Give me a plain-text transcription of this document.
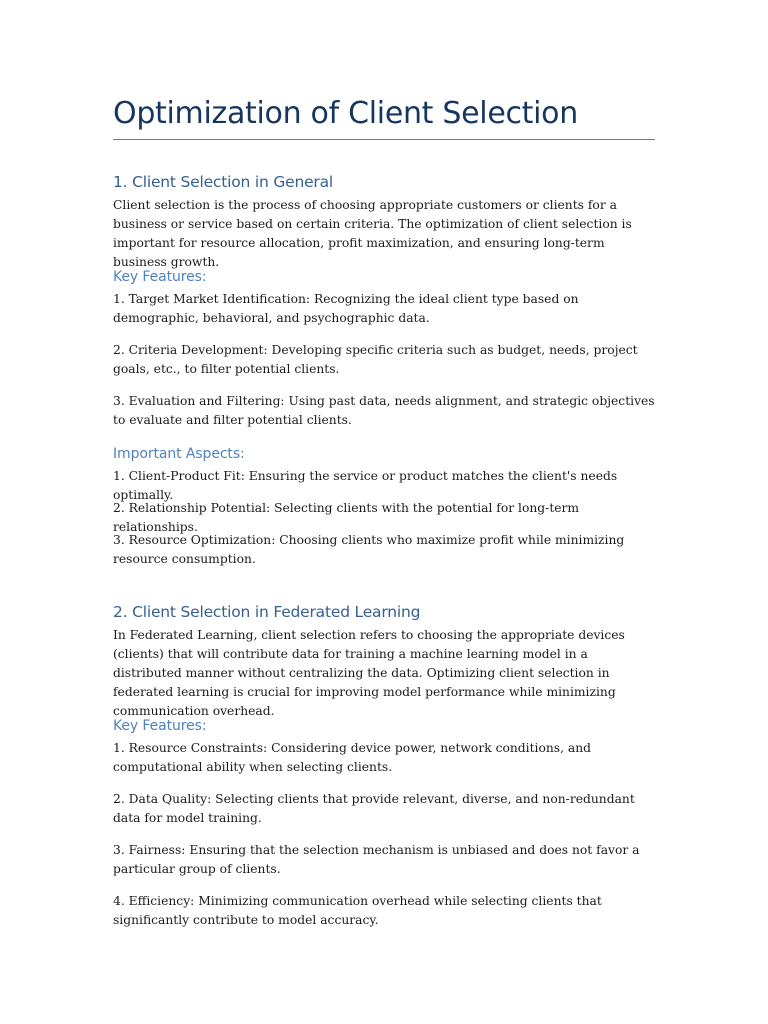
Optimization of Client Selection
1. Client Selection in General

Client selection is the process of choosing appropriate customers or clients for a business or service based on certain criteria. The optimization of client selection is important for resource allocation, profit maximization, and ensuring long-term business growth.

Key Features:

1. Target Market Identification: Recognizing the ideal client type based on demographic, behavioral, and psychographic data.

2. Criteria Development: Developing specific criteria such as budget, needs, project goals, etc., to filter potential clients.

3. Evaluation and Filtering: Using past data, needs alignment, and strategic objectives to evaluate and filter potential clients.

Important Aspects:

1. Client-Product Fit: Ensuring the service or product matches the client's needs optimally.

2. Relationship Potential: Selecting clients with the potential for long-term relationships.

3. Resource Optimization: Choosing clients who maximize profit while minimizing resource consumption.

2. Client Selection in Federated Learning

In Federated Learning, client selection refers to choosing the appropriate devices (clients) that will contribute data for training a machine learning model in a distributed manner without centralizing the data. Optimizing client selection in federated learning is crucial for improving model performance while minimizing communication overhead.

Key Features:

1. Resource Constraints: Considering device power, network conditions, and computational ability when selecting clients.

2. Data Quality: Selecting clients that provide relevant, diverse, and non-redundant data for model training.

3. Fairness: Ensuring that the selection mechanism is unbiased and does not favor a particular group of clients.

4. Efficiency: Minimizing communication overhead while selecting clients that significantly contribute to model accuracy.
